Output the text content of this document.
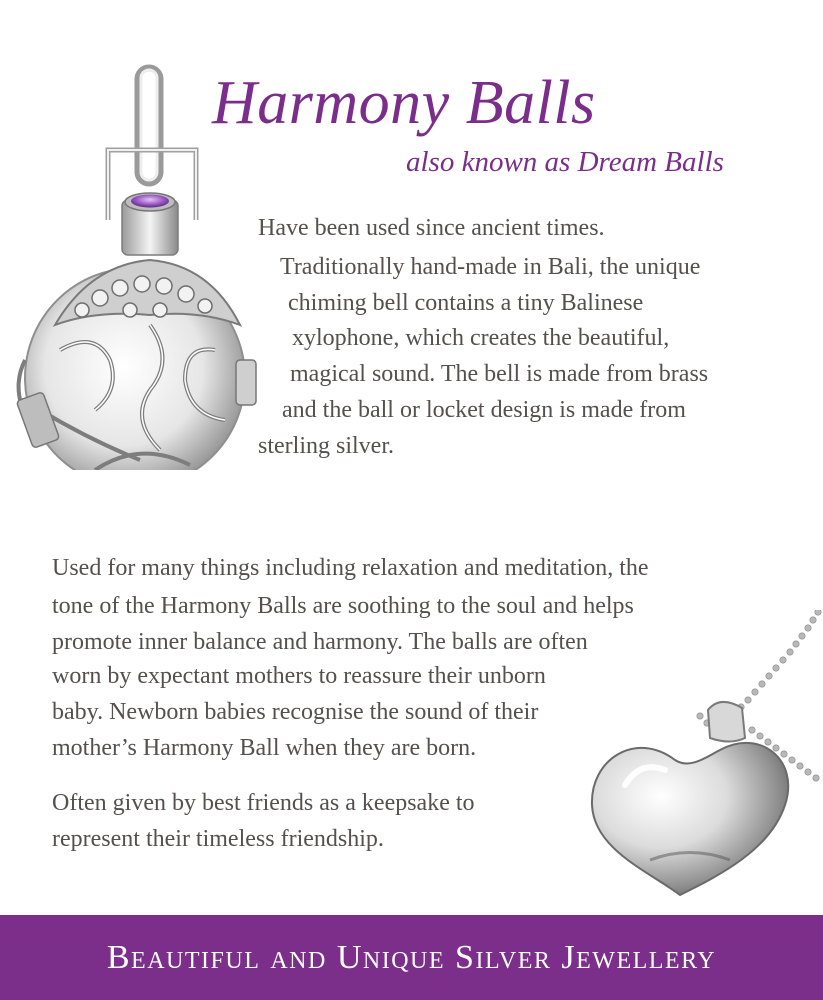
Harmony Balls
also known as Dream Balls
Have been used since ancient times.
Traditionally hand-made in Bali, the unique
chiming bell contains a tiny Balinese
xylophone, which creates the beautiful,
magical sound. The bell is made from brass
and the ball or locket design is made from
sterling silver.
Used for many things including relaxation and meditation, the
tone of the Harmony Balls are soothing to the soul and helps
promote inner balance and harmony. The balls are often
worn by expectant mothers to reassure their unborn
baby. Newborn babies recognise the sound of their
mother’s Harmony Ball when they are born.
Often given by best friends as a keepsake to
represent their timeless friendship.
Beautiful and Unique Silver Jewellery
